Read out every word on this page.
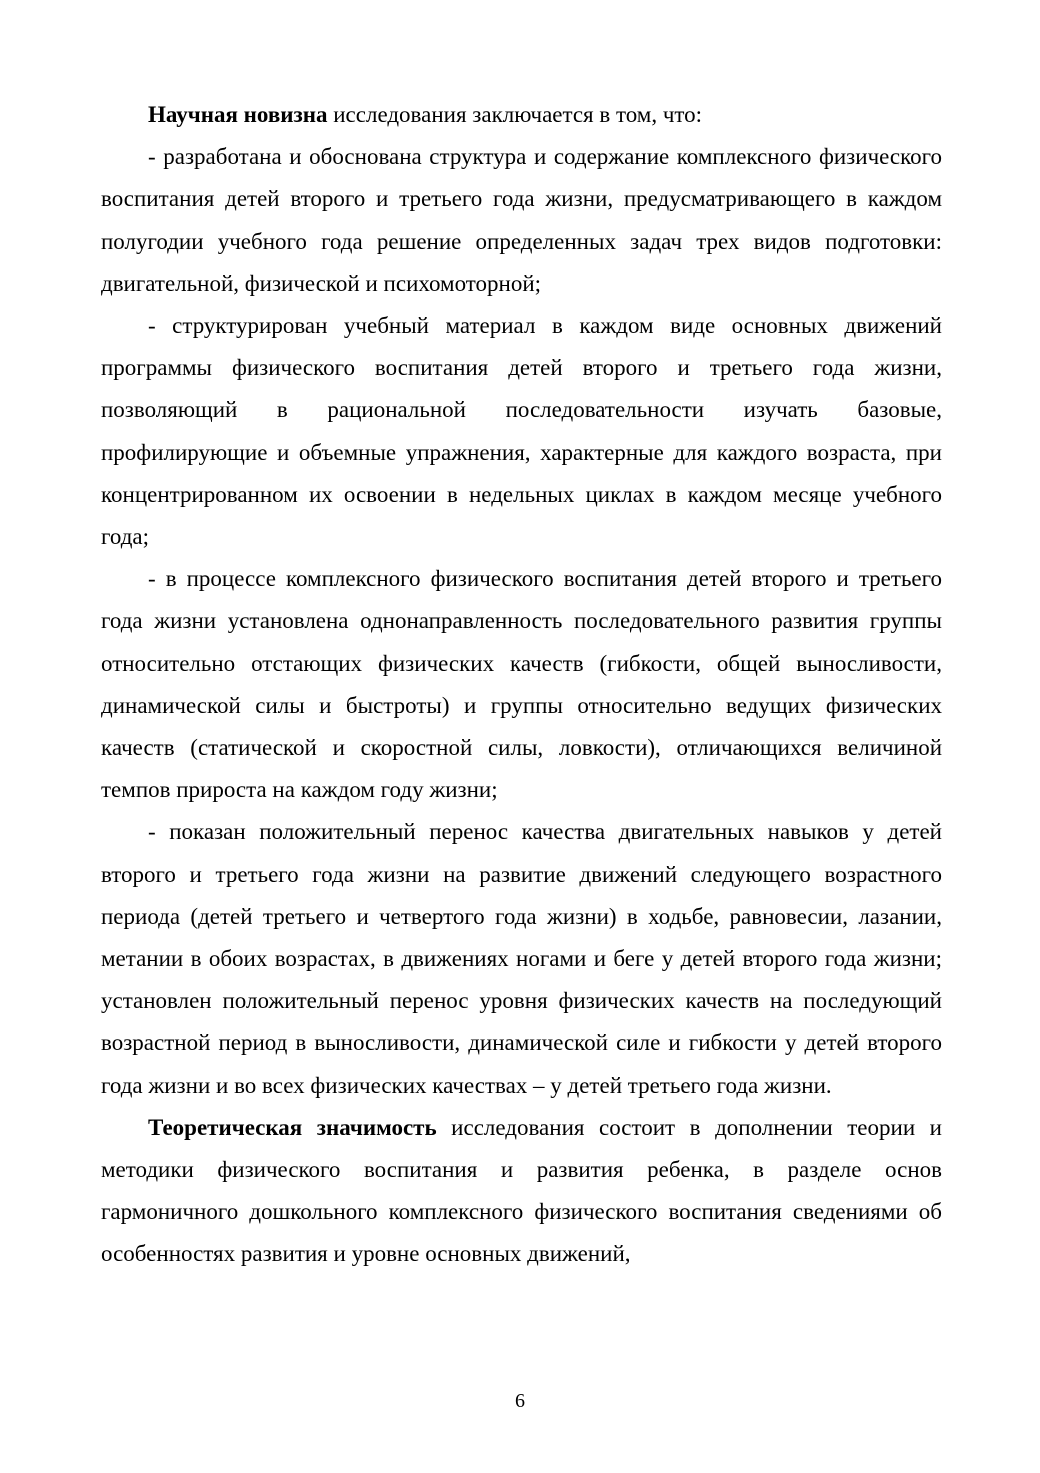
Научная новизна исследования заключается в том, что:

- разработана и обоснована структура и содержание комплексного физического воспитания детей второго и третьего года жизни, предусматривающего в каждом полугодии учебного года решение определенных задач трех видов подготовки: двигательной, физической и психомоторной;

- структурирован учебный материал в каждом виде основных движений программы физического воспитания детей второго и третьего года жизни, позволяющий в рациональной последовательности изучать базовые, профилирующие и объемные упражнения, характерные для каждого возраста, при концентрированном их освоении в недельных циклах в каждом месяце учебного года;

- в процессе комплексного физического воспитания детей второго и третьего года жизни установлена однонаправленность последовательного развития группы относительно отстающих физических качеств (гибкости, общей выносливости, динамической силы и быстроты) и группы относительно ведущих физических качеств (статической и скоростной силы, ловкости), отличающихся величиной темпов прироста на каждом году жизни;

- показан положительный перенос качества двигательных навыков у детей второго и третьего года жизни на развитие движений следующего возрастного периода (детей третьего и четвертого года жизни) в ходьбе, равновесии, лазании, метании в обоих возрастах, в движениях ногами и беге у детей второго года жизни; установлен положительный перенос уровня физических качеств на последующий возрастной период в выносливости, динамической силе и гибкости у детей второго года жизни и во всех физических качествах – у детей третьего года жизни.

Теоретическая значимость исследования состоит в дополнении теории и методики физического воспитания и развития ребенка, в разделе основ гармоничного дошкольного комплексного физического воспитания сведениями об особенностях развития и уровне основных движений,

6
